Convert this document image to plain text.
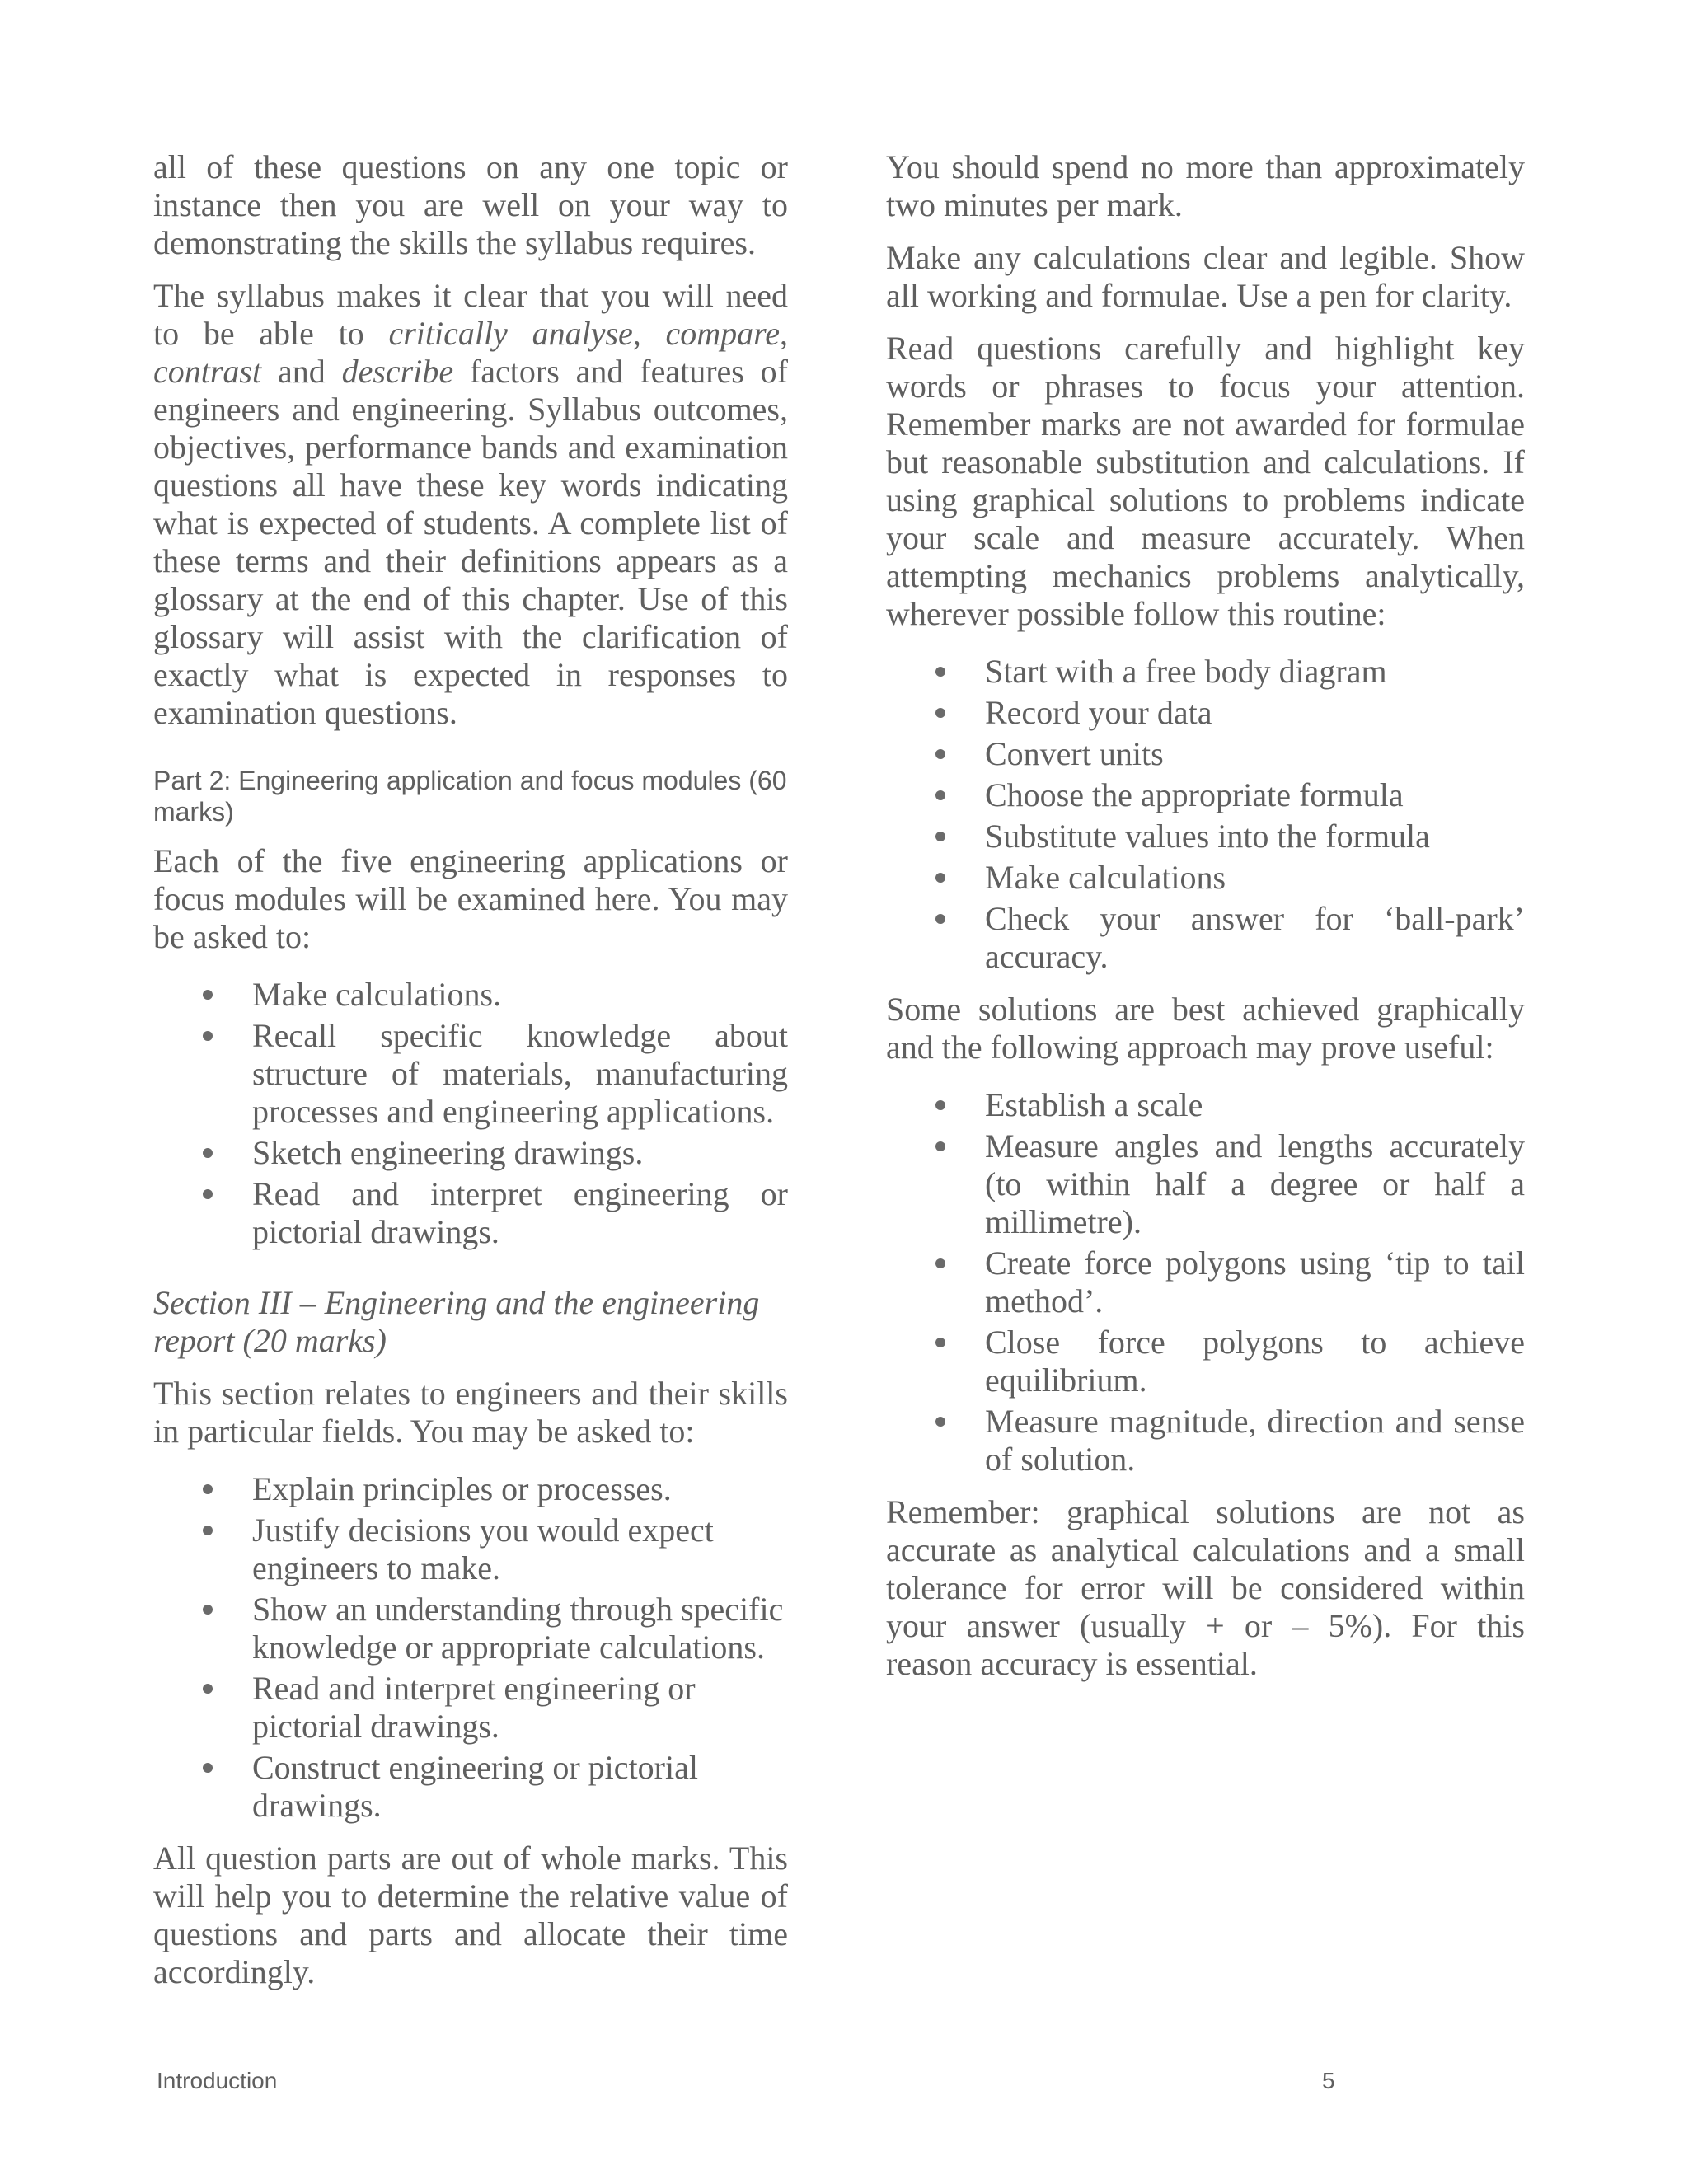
all of these questions on any one topic or instance then you are well on your way to demonstrating the skills the syllabus requires.

The syllabus makes it clear that you will need to be able to critically analyse, compare, contrast and describe factors and features of engineers and engineering. Syllabus outcomes, objectives, performance bands and examination questions all have these key words indicating what is expected of students. A complete list of these terms and their definitions appears as a glossary at the end of this chapter. Use of this glossary will assist with the clarification of exactly what is expected in responses to examination questions.

Part 2: Engineering application and focus modules (60 marks)

Each of the five engineering applications or focus modules will be examined here. You may be asked to:

Make calculations.
Recall specific knowledge about structure of materials, manufacturing processes and engineering applications.
Sketch engineering drawings.
Read and interpret engineering or pictorial drawings.
Section III – Engineering and the engineering report (20 marks)

This section relates to engineers and their skills in particular fields. You may be asked to:

Explain principles or processes.
Justify decisions you would expect engineers to make.
Show an understanding through specific knowledge or appropriate calculations.
Read and interpret engineering or pictorial drawings.
Construct engineering or pictorial drawings.

All question parts are out of whole marks. This will help you to determine the relative value of questions and parts and allocate their time accordingly.

You should spend no more than approximately two minutes per mark.

Make any calculations clear and legible. Show all working and formulae. Use a pen for clarity.

Read questions carefully and highlight key words or phrases to focus your attention. Remember marks are not awarded for formulae but reasonable substitution and calculations. If using graphical solutions to problems indicate your scale and measure accurately. When attempting mechanics problems analytically, wherever possible follow this routine:

Start with a free body diagram
Record your data
Convert units
Choose the appropriate formula
Substitute values into the formula
Make calculations
Check your answer for ‘ball-park’ accuracy.

Some solutions are best achieved graphically and the following approach may prove useful:

Establish a scale
Measure angles and lengths accurately (to within half a degree or half a millimetre).
Create force polygons using ‘tip to tail method’.
Close force polygons to achieve equilibrium.
Measure magnitude, direction and sense of solution.

Remember: graphical solutions are not as accurate as analytical calculations and a small tolerance for error will be considered within your answer (usually + or – 5%). For this reason accuracy is essential.

Introduction	5
